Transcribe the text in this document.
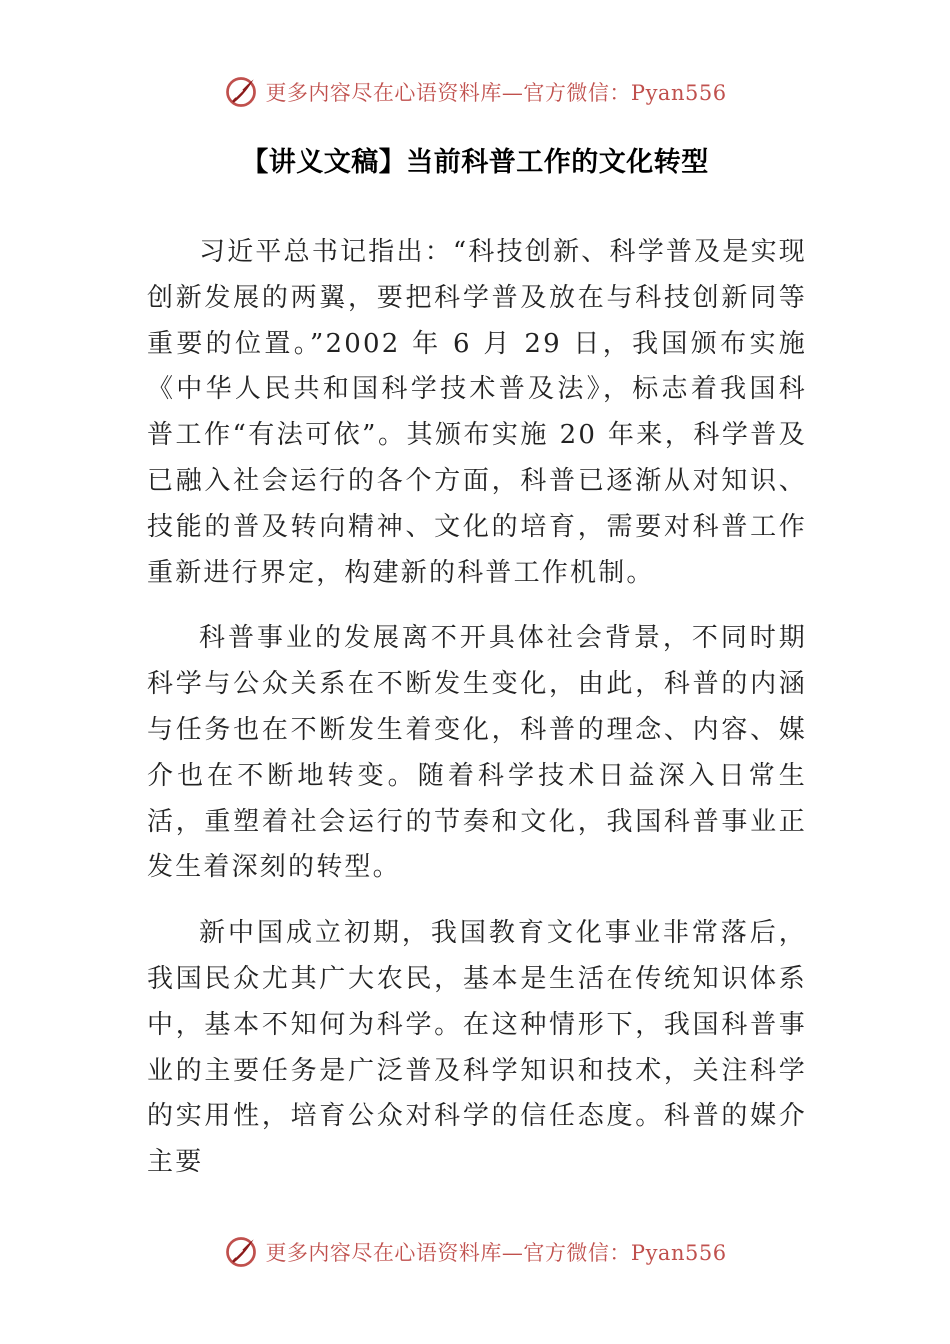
更多内容尽在心语资料库—官方微信：Pyan556
【讲义文稿】当前科普工作的文化转型

习近平总书记指出：“科技创新、科学普及是实现创新发展的两翼，要把科学普及放在与科技创新同等重要的位置。”2002 年 6 月 29 日，我国颁布实施《中华人民共和国科学技术普及法》，标志着我国科普工作“有法可依”。其颁布实施 20 年来，科学普及已融入社会运行的各个方面，科普已逐渐从对知识、技能的普及转向精神、文化的培育，需要对科普工作重新进行界定，构建新的科普工作机制。

科普事业的发展离不开具体社会背景，不同时期科学与公众关系在不断发生变化，由此，科普的内涵与任务也在不断发生着变化，科普的理念、内容、媒介也在不断地转变。随着科学技术日益深入日常生活，重塑着社会运行的节奏和文化，我国科普事业正发生着深刻的转型。

新中国成立初期，我国教育文化事业非常落后，我国民众尤其广大农民，基本是生活在传统知识体系中，基本不知何为科学。在这种情形下，我国科普事业的主要任务是广泛普及科学知识和技术，关注科学的实用性，培育公众对科学的信任态度。科普的媒介主要

更多内容尽在心语资料库—官方微信：Pyan556
